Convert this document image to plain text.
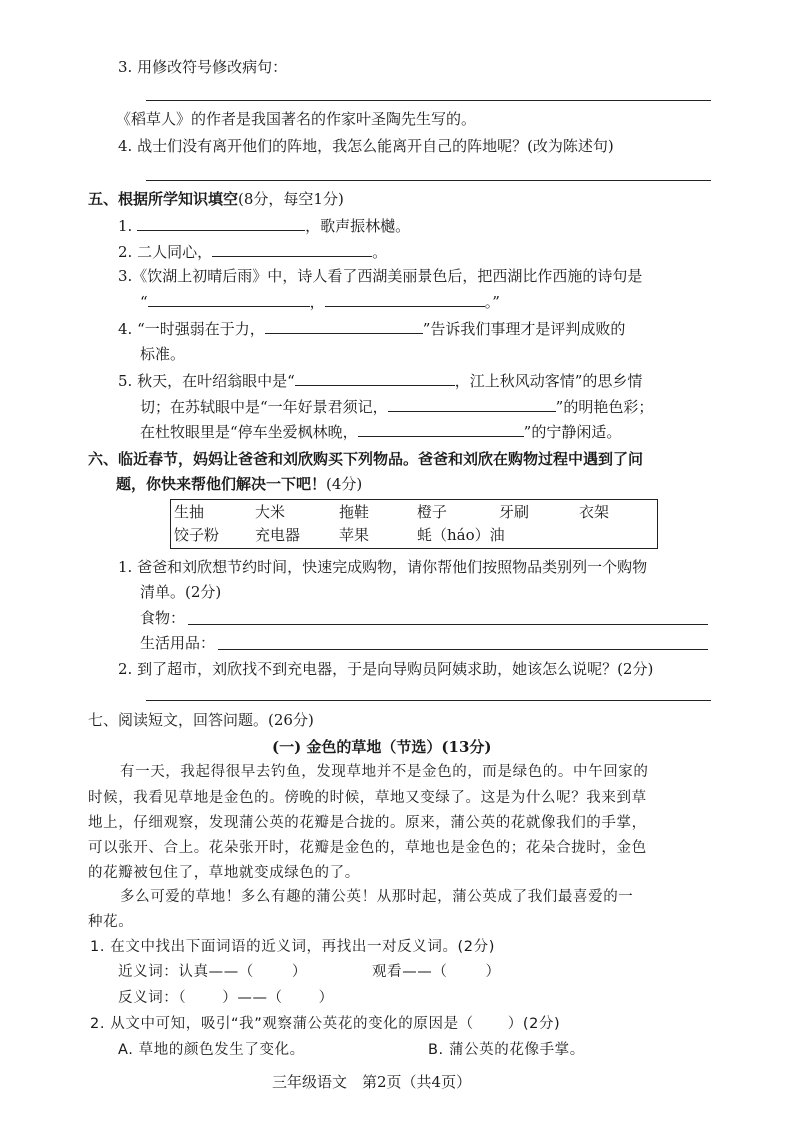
3. 用修改符号修改病句：
《稻草人》的作者是我国著名的作家叶圣陶先生写的。
4. 战士们没有离开他们的阵地，我怎么能离开自己的阵地呢？(改为陈述句)
五、根据所学知识填空(8分，每空1分)
1.	，歌声振林樾。
2. 二人同心，	。
3.《饮湖上初晴后雨》中，诗人看了西湖美丽景色后，把西湖比作西施的诗句是
“	，	。”
4. “一时强弱在于力，	”告诉我们事理才是评判成败的
标准。
5. 秋天，在叶绍翁眼中是“	，江上秋风动客情”的思乡情
切；在苏轼眼中是“一年好景君须记，	”的明艳色彩；
在杜牧眼里是“停车坐爱枫林晚，	”的宁静闲适。
六、临近春节，妈妈让爸爸和刘欣购买下列物品。爸爸和刘欣在购物过程中遇到了问
题，你快来帮他们解决一下吧！(4分)
生抽	大米	拖鞋	橙子	牙刷	衣架
饺子粉 充电器	苹果	蚝（háo）油
1. 爸爸和刘欣想节约时间，快速完成购物，请你帮他们按照物品类别列一个购物
清单。(2分)
食物：
生活用品：
2. 到了超市，刘欣找不到充电器，于是向导购员阿姨求助，她该怎么说呢？(2分)
七、阅读短文，回答问题。(26分)
(一) 金色的草地（节选）(13分)
有一天，我起得很早去钓鱼，发现草地并不是金色的，而是绿色的。中午回家的
时候，我看见草地是金色的。傍晚的时候，草地又变绿了。这是为什么呢？我来到草
地上，仔细观察，发现蒲公英的花瓣是合拢的。原来，蒲公英的花就像我们的手掌，
可以张开、合上。花朵张开时，花瓣是金色的，草地也是金色的；花朵合拢时，金色
的花瓣被包住了，草地就变成绿色的了。
多么可爱的草地！多么有趣的蒲公英！从那时起，蒲公英成了我们最喜爱的一
种花。
1. 在文中找出下面词语的近义词，再找出一对反义词。(2分)
近义词：认真——（	）	观看——（	）
反义词：（ ）——（ ）
2. 从文中可知，吸引“我”观察蒲公英花的变化的原因是（ ）(2分)
A. 草地的颜色发生了变化。	B. 蒲公英的花像手掌。
三年级语文　第2页（共4页）
